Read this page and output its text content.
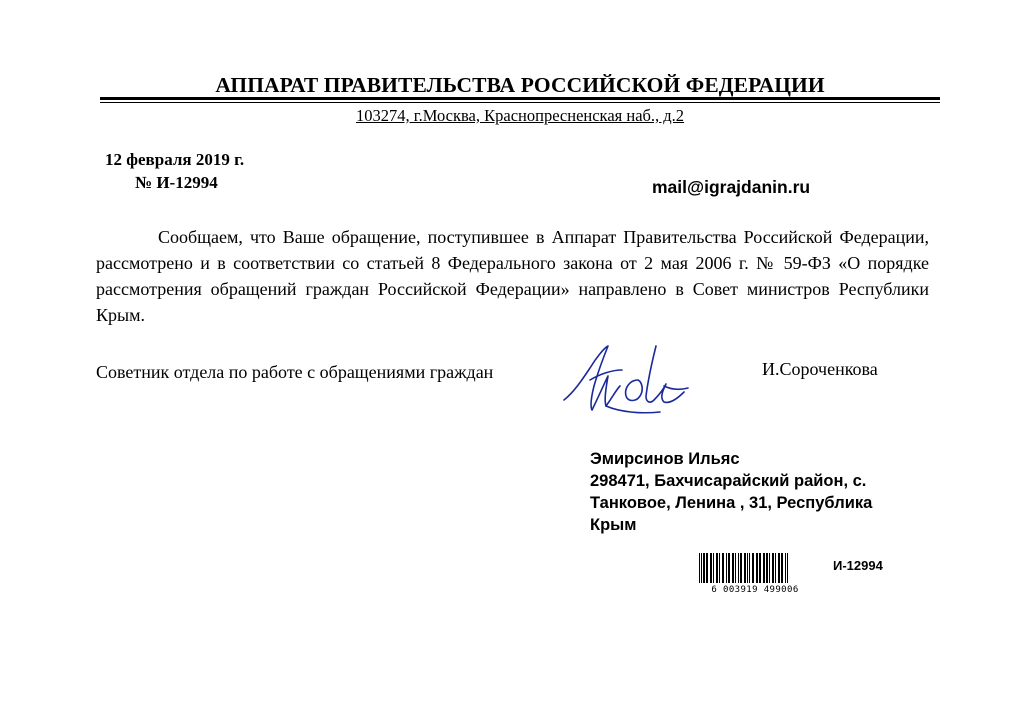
АППАРАТ ПРАВИТЕЛЬСТВА РОССИЙСКОЙ ФЕДЕРАЦИИ
103274, г.Москва, Краснопресненская наб., д.2
12 февраля 2019 г.
№ И-12994	mail@igrajdanin.ru

Сообщаем, что Ваше обращение, поступившее в Аппарат Правительства Российской Федерации, рассмотрено и в соответствии со статьей 8 Федерального закона от 2 мая 2006 г. № 59-ФЗ «О порядке рассмотрения обращений граждан Российской Федерации» направлено в Совет министров Республики Крым.

Советник отдела по работе с обращениями граждан	И.Сороченкова
Эмирсинов Ильяс
298471, Бахчисарайский район, с.
Танковое, Ленина , 31, Республика
Крым
6 003919 499006
И-12994
